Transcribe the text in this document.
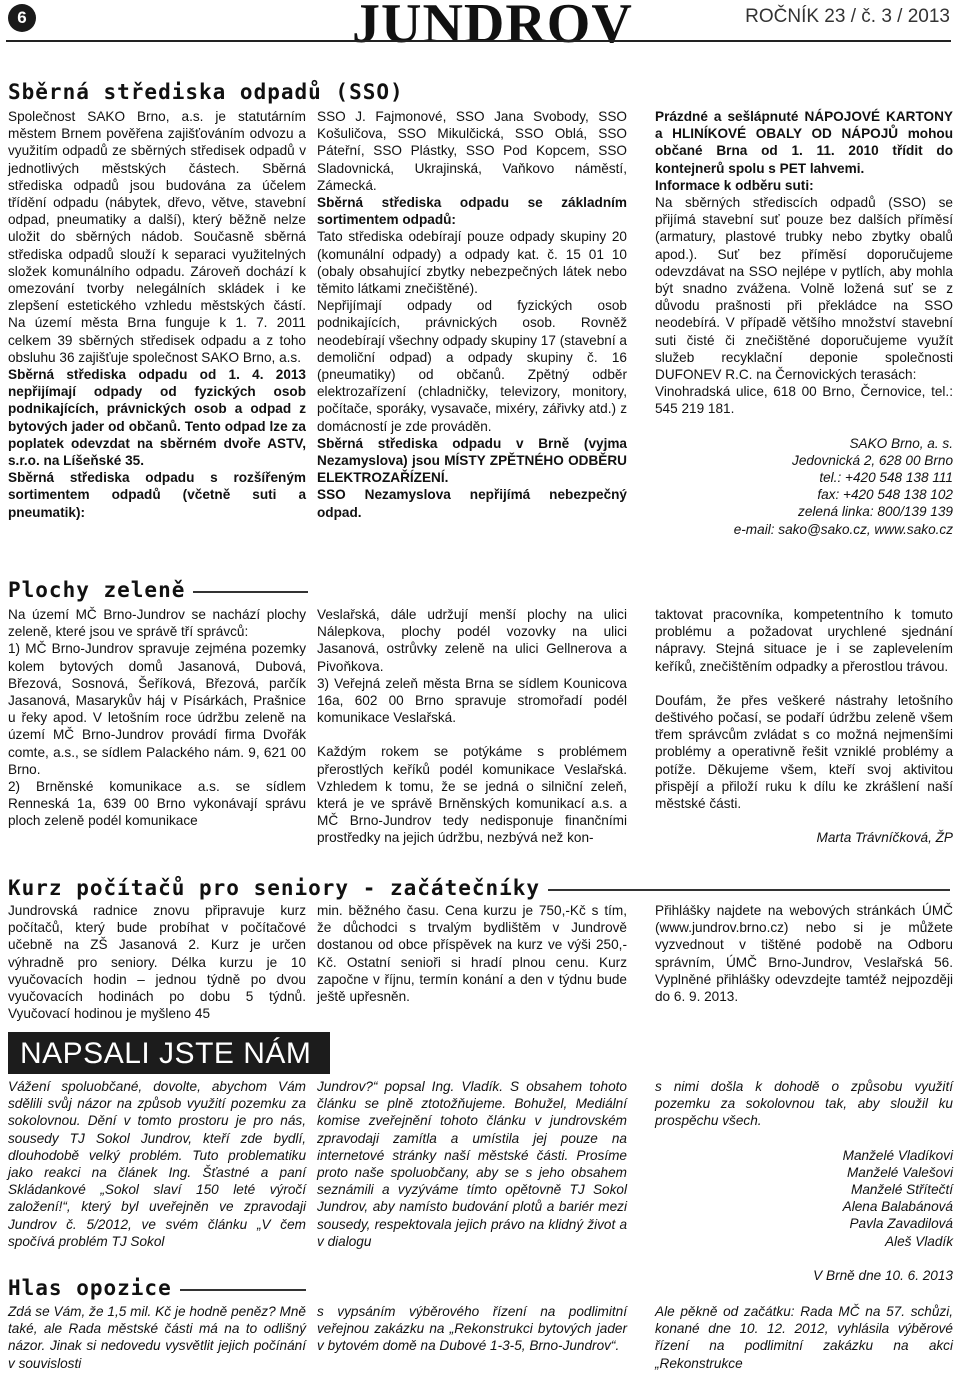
6	JUNDROV	ROČNÍK 23 / č. 3 / 2013
Sběrná střediska odpadů (SSO)

Společnost SAKO Brno, a.s. je statutárním městem Brnem pověřena zajišťováním odvozu a využitím odpadů ze sběrných středisek odpadů v jednotlivých městských částech. Sběrná střediska odpadů jsou budována za účelem třídění odpadu (nábytek, dřevo, větve, stavební odpad, pneumatiky a další), který běžně nelze uložit do sběrných nádob. Současně sběrná střediska odpadů slouží k separaci využitelných složek komunálního odpadu. Zároveň dochází k omezování tvorby nelegálních skládek i ke zlepšení estetického vzhledu městských částí. Na území města Brna funguje k 1. 7. 2011 celkem 39 sběrných středisek odpadu a z toho obsluhu 36 zajišťuje společnost SAKO Brno, a.s.

Sběrná střediska odpadu od 1. 4. 2013 nepřijímají odpady od fyzických osob podnikajících, právnických osob a odpad z bytových jader od občanů. Tento odpad lze za poplatek odevzdat na sběrném dvoře ASTV, s.r.o. na Líšeňské 35.

Sběrná střediska odpadu s rozšířeným sortimentem odpadů (včetně suti a pneumatik):

SSO J. Fajmonové, SSO Jana Svobody, SSO Košuličova, SSO Mikulčická, SSO Oblá, SSO Páteřní, SSO Plástky, SSO Pod Kopcem, SSO Sladovnická, Ukrajinská, Vaňkovo náměstí, Zámecká.

Sběrná střediska odpadu se základním sortimentem odpadů:

Tato střediska odebírají pouze odpady skupiny 20 (komunální odpady) a odpady kat. č. 15 01 10 (obaly obsahující zbytky nebezpečných látek nebo těmito látkami znečištěné).

Nepřijímají odpady od fyzických osob podnikajících, právnických osob. Rovněž neodebírají všechny odpady skupiny 17 (stavební a demoliční odpad) a odpady skupiny č. 16 (pneumatiky) od občanů. Zpětný odběr elektrozařízení (chladničky, televizory, monitory, počítače, sporáky, vysavače, mixéry, zářivky atd.) z domácností je zde prováděn.

Sběrná střediska odpadu v Brně (vyjma Nezamyslova) jsou MÍSTY ZPĚTNÉHO ODBĚRU ELEKTROZAŘÍZENÍ.

SSO Nezamyslova nepřijímá nebezpečný odpad.

Prázdné a sešlápnuté NÁPOJOVÉ KARTONY a HLINÍKOVÉ OBALY OD NÁPOJŮ mohou občané Brna od 1. 11. 2010 třídit do kontejnerů spolu s PET lahvemi.

Informace k odběru suti:

Na sběrných střediscích odpadů (SSO) se přijímá stavební suť pouze bez dalších příměsí (armatury, plastové trubky nebo zbytky obalů apod.). Suť bez příměsí doporučujeme odevzdávat na SSO nejlépe v pytlích, aby mohla být snadno zvážena. Volně ložená suť se z důvodu prašnosti při překládce na SSO neodebírá. V případě většího množství stavební suti čisté či znečištěné doporučujeme využít služeb recyklační deponie společnosti DUFONEV R.C. na Černovických terasách:

Vinohradská ulice, 618 00 Brno, Černovice, tel.: 545 219 181.

SAKO Brno, a. s.

Jedovnická 2, 628 00 Brno

tel.: +420 548 138 111

fax: +420 548 138 102

zelená linka: 800/139 139

e-mail: sako@sako.cz, www.sako.cz

Plochy zeleně

Na území MČ Brno-Jundrov se nachází plochy zeleně, které jsou ve správě tří správců:

1) MČ Brno-Jundrov spravuje zejména pozemky kolem bytových domů Jasanová, Dubová, Březová, Sosnová, Šeříková, Březová, parčík Jasanová, Masarykův háj v Písárkách, Prašnice u řeky apod. V letošním roce údržbu zeleně na území MČ Brno-Jundrov provádí firma Dvořák comte, a.s., se sídlem Palackého nám. 9, 621 00 Brno.

2) Brněnské komunikace a.s. se sídlem Renneská 1a, 639 00 Brno vykonávají správu ploch zeleně podél komunikace

Veslařská, dále udržují menší plochy na ulici Nálepkova, plochy podél vozovky na ulici Jasanová, ostrůvky zeleně na ulici Gellnerova a Pivoňkova.

3) Veřejná zeleň města Brna se sídlem Kounicova 16a, 602 00 Brno spravuje stromořadí podél komunikace Veslařská.

Každým rokem se potýkáme s problémem přerostlých keříků podél komunikace Veslařská. Vzhledem k tomu, že se jedná o silniční zeleň, která je ve správě Brněnských komunikací a.s. a MČ Brno-Jundrov tedy nedisponuje finančními prostředky na jejich údržbu, nezbývá než kon-

taktovat pracovníka, kompetentního k tomuto problému a požadovat urychlené sjednání nápravy. Stejná situace je i se zaplevelením keříků, znečištěním odpadky a přerostlou trávou.

Doufám, že přes veškeré nástrahy letošního deštivého počasí, se podaří údržbu zeleně všem třem správcům zvládat s co možná nejmenšími problémy a operativně řešit vzniklé problémy a potíže. Děkujeme všem, kteří svoj aktivitou přispějí a přiloží ruku k dílu ke zkrášlení naší městské části.

Marta Trávníčková, ŽP

Kurz počítačů pro seniory - začátečníky

Jundrovská radnice znovu připravuje kurz počítačů, který bude probíhat v počítačové učebně na ZŠ Jasanová 2. Kurz je určen výhradně pro seniory. Délka kurzu je 10 vyučovacích hodin – jednou týdně po dvou vyučovacích hodinách po dobu 5 týdnů. Vyučovací hodinou je myšleno 45

min. běžného času. Cena kurzu je 750,-Kč s tím, že důchodci s trvalým bydlištěm v Jundrově dostanou od obce příspěvek na kurz ve výši 250,-Kč. Ostatní senioři si hradí plnou cenu. Kurz započne v říjnu, termín konání a den v týdnu bude ještě upřesněn.

Přihlášky najdete na webových stránkách ÚMČ (www.jundrov.brno.cz) nebo si je můžete vyzvednout v tištěné podobě na Odboru správním, ÚMČ Brno-Jundrov, Veslařská 56. Vyplněné přihlášky odevzdejte tamtéž nejpozději do 6. 9. 2013.

NAPSALI JSTE NÁM

Vážení spoluobčané, dovolte, abychom Vám sdělili svůj názor na způsob využití pozemku za sokolovnou. Dění v tomto prostoru je pro nás, sousedy TJ Sokol Jundrov, kteří zde bydlí, dlouhodobě velký problém. Tuto problematiku jako reakci na článek Ing. Šťastné a paní Skládankové „Sokol slaví 150 leté výročí založení!“, který byl uveřejněn ve zpravodaji Jundrov č. 5/2012, ve svém článku „V čem spočívá problém TJ Sokol

Jundrov?“ popsal Ing. Vladík. S obsahem tohoto článku se plně ztotožňujeme. Bohužel, Mediální komise zveřejnění tohoto článku v jundrovském zpravodaji zamítla a umístila jej pouze na internetové stránky naší městské části. Prosíme proto naše spoluobčany, aby se s jeho obsahem seznámili a vyzýváme tímto opětovně TJ Sokol Jundrov, aby namísto budování plotů a bariér mezi sousedy, respektovala jejich právo na klidný život a v dialogu

s nimi došla k dohodě o způsobu využití pozemku za sokolovnou tak, aby sloužil ku prospěchu všech.

Manželé Vladíkovi

Manželé Valešovi

Manželé Střítečtí

Alena Balabánová

Pavla Zavadilová

Aleš Vladík

V Brně dne 10. 6. 2013

Hlas opozice

Zdá se Vám, že 1,5 mil. Kč je hodně peněz? Mně také, ale Rada městské části má na to odlišný názor. Jinak si nedovedu vysvětlit jejich počínání v souvislosti

s vypsáním výběrového řízení na podlimitní veřejnou zakázku na „Rekonstrukci bytových jader v bytovém domě na Dubové 1-3-5, Brno-Jundrov“.

Ale pěkně od začátku: Rada MČ na 57. schůzi, konané dne 10. 12. 2012, vyhlásila výběrové řízení na podlimitní zakázku na akci „Rekonstrukce
